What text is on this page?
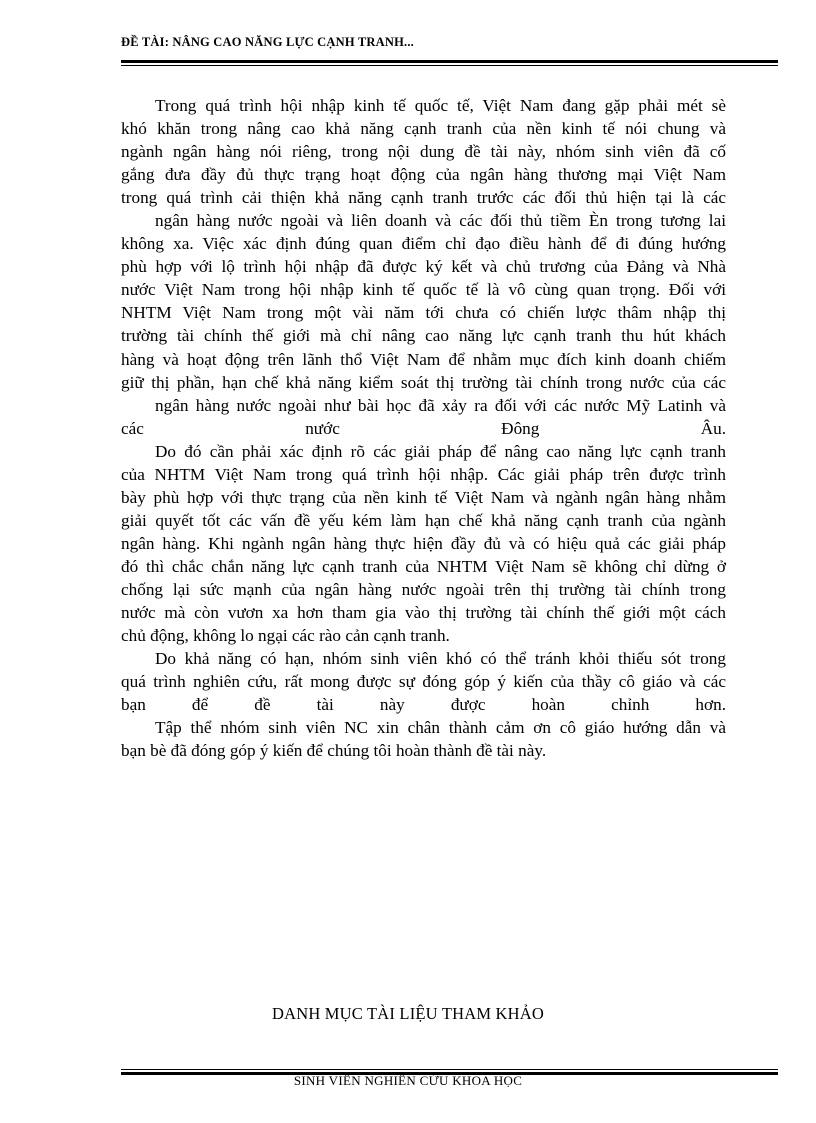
ĐỀ TÀI: NÂNG CAO NĂNG LỰC CẠNH TRANH...
Trong quá trình hội nhập kinh tế quốc tế, Việt Nam đang gặp phải mét sè
khó khăn trong nâng cao khả năng cạnh tranh của nền kinh tế nói chung và
ngành ngân hàng nói riêng, trong nội dung đề tài này, nhóm sinh viên đã cố
gắng đưa đầy đủ thực trạng hoạt động của ngân hàng thương mại Việt Nam
trong quá trình cải thiện khả năng cạnh tranh trước các đối thủ hiện tại là các
ngân hàng nước ngoài và liên doanh và các đối thủ tiềm Èn trong tương lai
không xa. Việc xác định đúng quan điểm chỉ đạo điều hành để đi đúng hướng
phù hợp với lộ trình hội nhập đã được ký kết và chủ trương của Đảng và Nhà
nước Việt Nam trong hội nhập kinh tế quốc tế là vô cùng quan trọng. Đối với
NHTM Việt Nam trong một vài năm tới chưa có chiến lược thâm nhập thị
trường tài chính thế giới mà chỉ nâng cao năng lực cạnh tranh thu hút khách
hàng và hoạt động trên lãnh thổ Việt Nam để nhằm mục đích kinh doanh chiếm
giữ thị phần, hạn chế khả năng kiểm soát thị trường tài chính trong nước của các
ngân hàng nước ngoài như bài học đã xảy ra đối với các nước Mỹ Latinh và
các nước Đông Âu.
Do đó cần phải xác định rõ các giải pháp để nâng cao năng lực cạnh tranh
của NHTM Việt Nam trong quá trình hội nhập. Các giải pháp trên được trình
bày phù hợp với thực trạng của nền kinh tế Việt Nam và ngành ngân hàng nhằm
giải quyết tốt các vấn đề yếu kém làm hạn chế khả năng cạnh tranh của ngành
ngân hàng. Khi ngành ngân hàng thực hiện đầy đủ và có hiệu quả các giải pháp
đó thì chắc chắn năng lực cạnh tranh của NHTM Việt Nam sẽ không chỉ dừng ở
chống lại sức mạnh của ngân hàng nước ngoài trên thị trường tài chính trong
nước mà còn vươn xa hơn tham gia vào thị trường tài chính thế giới một cách
chủ động, không lo ngại các rào cản cạnh tranh.
Do khả năng có hạn, nhóm sinh viên khó có thể tránh khỏi thiếu sót trong
quá trình nghiên cứu, rất mong được sự đóng góp ý kiến của thầy cô giáo và các
bạn để đề tài này được hoàn chỉnh hơn.
Tập thể nhóm sinh viên NC xin chân thành cảm ơn cô giáo hướng dẫn và
bạn bè đã đóng góp ý kiến để chúng tôi hoàn thành đề tài này.
DANH MỤC TÀI LIỆU THAM KHẢO
SINH VIÊN NGHIÊN CỨU KHOA HỌC
